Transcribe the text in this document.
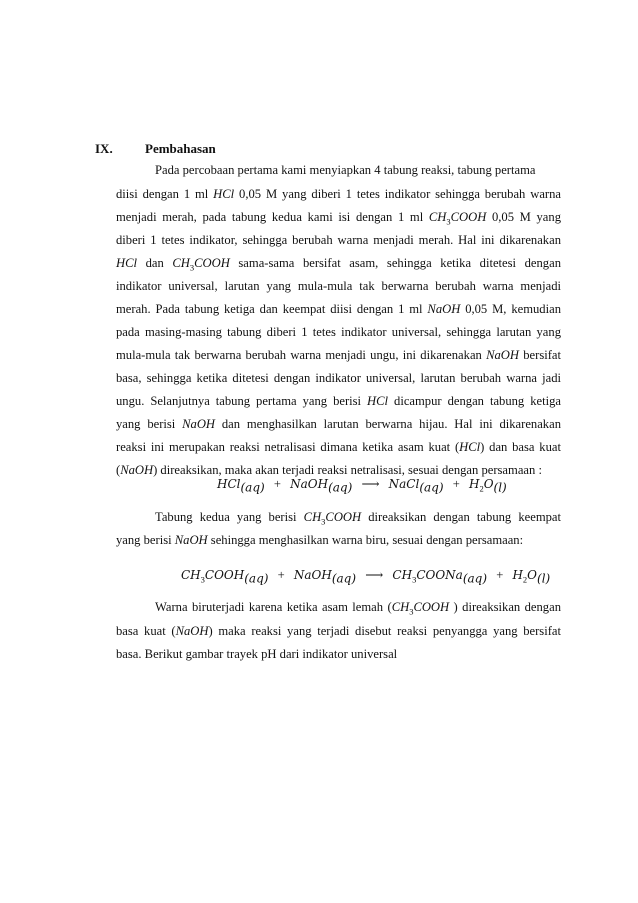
IX. Pembahasan
Pada percobaan pertama kami menyiapkan 4 tabung reaksi, tabung pertama
diisi dengan 1 ml HCl 0,05 M yang diberi 1 tetes indikator sehingga berubah warna
menjadi merah, pada tabung kedua kami isi dengan 1 ml $CH_3COOH$ 0,05 M yang
diberi 1 tetes indikator, sehingga berubah warna menjadi merah. Hal ini dikarenakan
HCl dan $CH_3COOH$ sama-sama bersifat asam, sehingga ketika ditetesi dengan
indikator universal, larutan yang mula-mula tak berwarna berubah warna menjadi
merah. Pada tabung ketiga dan keempat diisi dengan 1 ml NaOH 0,05 M, kemudian
pada masing-masing tabung diberi 1 tetes indikator universal, sehingga larutan yang
mula-mula tak berwarna berubah warna menjadi ungu, ini dikarenakan NaOH bersifat
basa, sehingga ketika ditetesi dengan indikator universal, larutan berubah warna jadi
ungu. Selanjutnya tabung pertama yang berisi HCl dicampur dengan tabung ketiga
yang berisi NaOH dan menghasilkan larutan berwarna hijau. Hal ini dikarenakan
reaksi ini merupakan reaksi netralisasi dimana ketika asam kuat (HCl) dan basa kuat
(NaOH) direaksikan, maka akan terjadi reaksi netralisasi, sesuai dengan persamaan :
HCl$_{(aq)}$ + NaOH$_{(aq)}$ ⟶ NaCl$_{(aq)}$ + $H_2O_{(l)}$
Tabung kedua yang berisi $CH_3COOH$ direaksikan dengan tabung keempat
yang berisi NaOH sehingga menghasilkan warna biru, sesuai dengan persamaan:
$CH_3COOH_{(aq)}$ + NaOH$_{(aq)}$ ⟶ $CH_3COONa_{(aq)} + H_2O_{(l)}$
Warna biruterjadi karena ketika asam lemah ($CH_3COOH$ ) direaksikan dengan
basa kuat (NaOH) maka reaksi yang terjadi disebut reaksi penyangga yang bersifat
basa. Berikut gambar trayek pH dari indikator universal
